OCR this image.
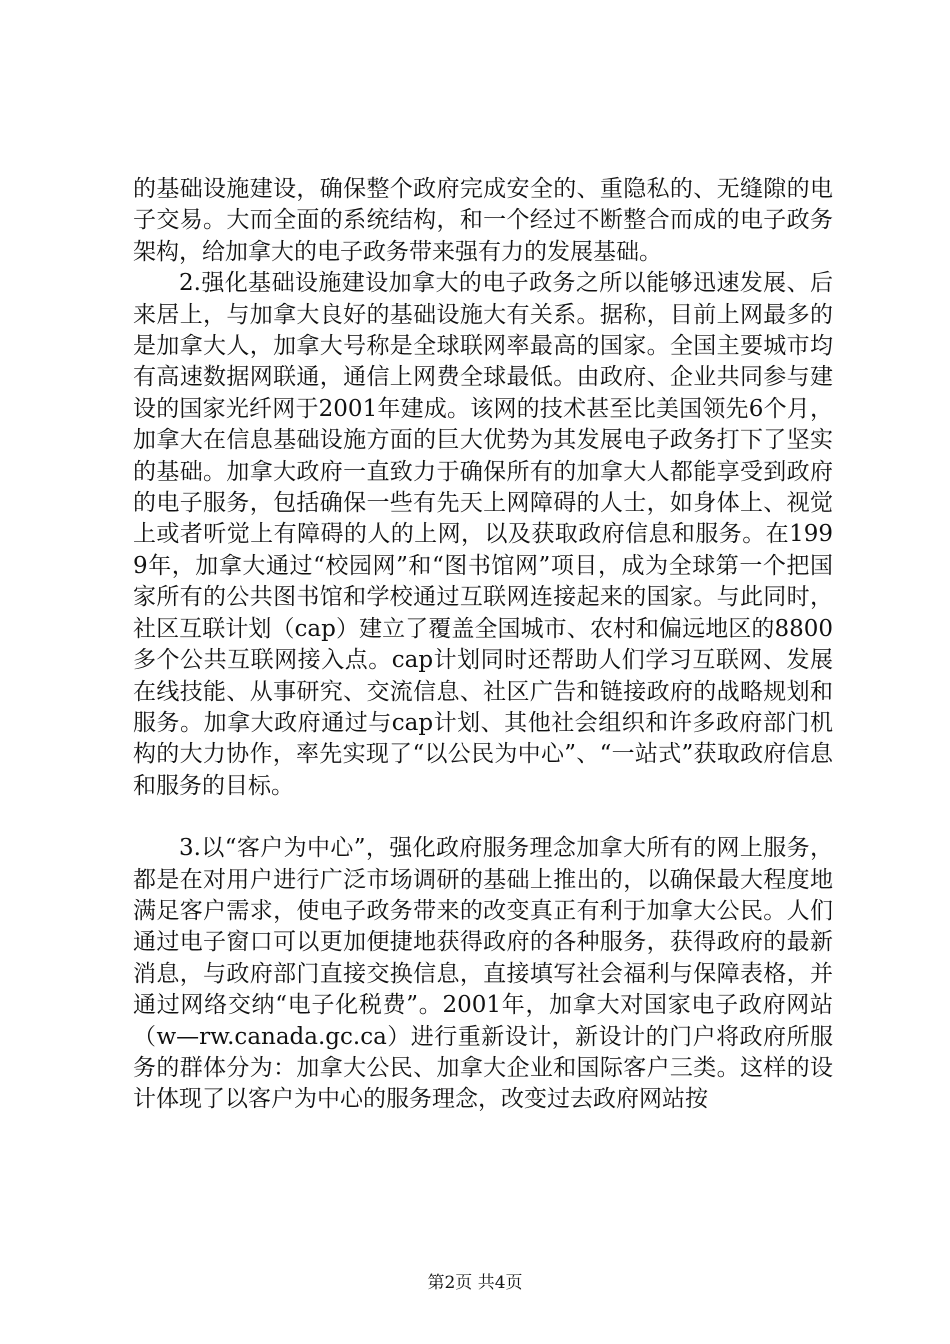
的基础设施建设，确保整个政府完成安全的、重隐私的、无缝隙的电子交易。大而全面的系统结构，和一个经过不断整合而成的电子政务架构，给加拿大的电子政务带来强有力的发展基础。

2.强化基础设施建设加拿大的电子政务之所以能够迅速发展、后来居上，与加拿大良好的基础设施大有关系。据称，目前上网最多的是加拿大人，加拿大号称是全球联网率最高的国家。全国主要城市均有高速数据网联通，通信上网费全球最低。由政府、企业共同参与建设的国家光纤网于2001年建成。该网的技术甚至比美国领先6个月，加拿大在信息基础设施方面的巨大优势为其发展电子政务打下了坚实的基础。加拿大政府一直致力于确保所有的加拿大人都能享受到政府的电子服务，包括确保一些有先天上网障碍的人士，如身体上、视觉上或者听觉上有障碍的人的上网，以及获取政府信息和服务。在1999年，加拿大通过“校园网”和“图书馆网”项目，成为全球第一个把国家所有的公共图书馆和学校通过互联网连接起来的国家。与此同时，社区互联计划（cap）建立了覆盖全国城市、农村和偏远地区的8800多个公共互联网接入点。cap计划同时还帮助人们学习互联网、发展在线技能、从事研究、交流信息、社区广告和链接政府的战略规划和服务。加拿大政府通过与cap计划、其他社会组织和许多政府部门机构的大力协作，率先实现了“以公民为中心”、“一站式”获取政府信息和服务的目标。

3.以“客户为中心”，强化政府服务理念加拿大所有的网上服务，都是在对用户进行广泛市场调研的基础上推出的，以确保最大程度地满足客户需求，使电子政务带来的改变真正有利于加拿大公民。人们通过电子窗口可以更加便捷地获得政府的各种服务，获得政府的最新消息，与政府部门直接交换信息，直接填写社会福利与保障表格，并通过网络交纳“电子化税费”。2001年，加拿大对国家电子政府网站（w—rw.canada.gc.ca）进行重新设计，新设计的门户将政府所服务的群体分为：加拿大公民、加拿大企业和国际客户三类。这样的设计体现了以客户为中心的服务理念，改变过去政府网站按

第2页 共4页
